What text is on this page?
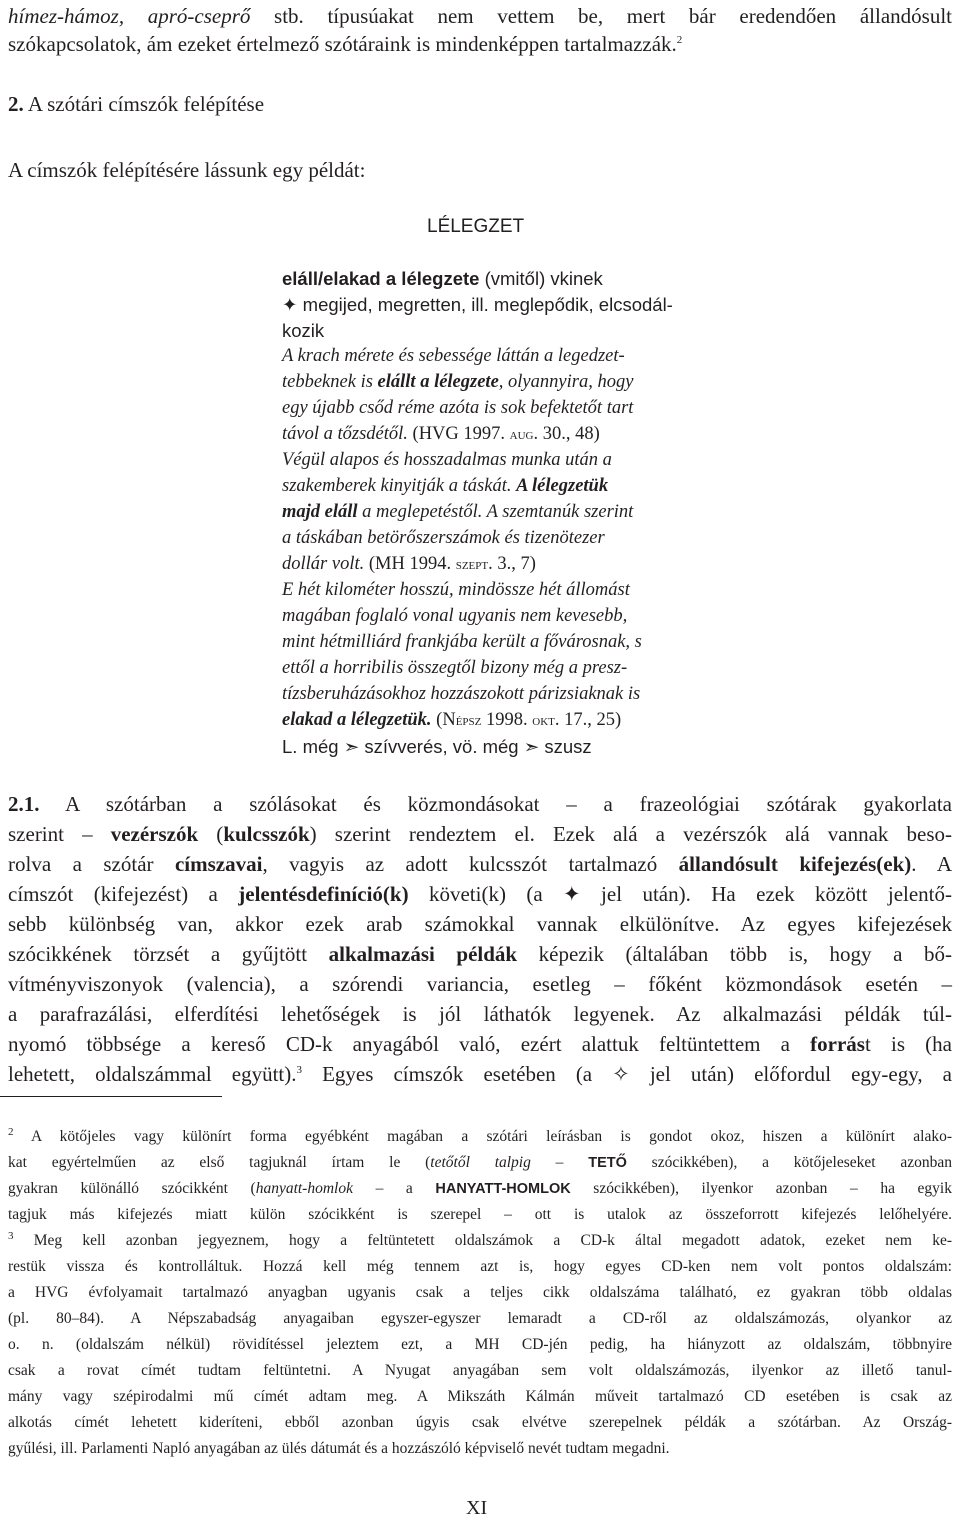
hímez-hámoz, apró-cseprő stb. típusúakat nem vettem be, mert bár eredendően állandósult
szókapcsolatok, ám ezeket értelmező szótáraink is mindenképpen tartalmazzák.$^2$
2. A szótári címszók felépítése
A címszók felépítésére lássunk egy példát:
LÉLEGZET
eláll/elakad a lélegzete (vmitől) vkinek
✦ megijed, megretten, ill. meglepődik, elcsodál-
kozik
A krach mérete és sebessége láttán a legedzet-
tebbeknek is elállt a lélegzete, olyannyira, hogy
egy újabb csőd réme azóta is sok befektetőt tart
távol a tőzsdétől. (HVG 1997. aug. 30., 48)
Végül alapos és hosszadalmas munka után a
szakemberek kinyitják a táskát. A lélegzetük
majd eláll a meglepetéstől. A szemtanúk szerint
a táskában betörőszerszámok és tizenötezer
dollár volt. (MH 1994. szept. 3., 7)
E hét kilométer hosszú, mindössze hét állomást
magában foglaló vonal ugyanis nem kevesebb,
mint hétmilliárd frankjába került a fővárosnak, s
ettől a horribilis összegtől bizony még a presz-
tízsberuházásokhoz hozzászokott párizsiaknak is
elakad a lélegzetük. (Népsz 1998. okt. 17., 25)
L. még ➣ szívverés, vö. még ➣ szusz
2.1. A szótárban a szólásokat és közmondásokat – a frazeológiai szótárak gyakorlata
szerint – vezérszók (kulcsszók) szerint rendeztem el. Ezek alá a vezérszók alá vannak beso-
rolva a szótár címszavai, vagyis az adott kulcsszót tartalmazó állandósult kifejezés(ek). A
címszót (kifejezést) a jelentésdefiníció(k) követi(k) (a ✦ jel után). Ha ezek között jelentő-
sebb különbség van, akkor ezek arab számokkal vannak elkülönítve. Az egyes kifejezések
szócikkének törzsét a gyűjtött alkalmazási példák képezik (általában több is, hogy a bő-
vítményviszonyok (valencia), a szórendi variancia, esetleg – főként közmondások esetén –
a parafrazálási, elferdítési lehetőségek is jól láthatók legyenek. Az alkalmazási példák túl-
nyomó többsége a kereső CD-k anyagából való, ezért alattuk feltüntettem a forrást is (ha
lehetett, oldalszámmal együtt).$^3$ Egyes címszók esetében (a ✧ jel után) előfordul egy-egy, a
$^2$ A kötőjeles vagy különírt forma egyébként magában a szótári leírásban is gondot okoz, hiszen a különírt alako-
kat egyértelműen az első tagjuknál írtam le (tetőtől talpig – TETŐ szócikkében), a kötőjeleseket azonban
gyakran különálló szócikként (hanyatt-homlok – a HANYATT-HOMLOK szócikkében), ilyenkor azonban – ha egyik
tagjuk más kifejezés miatt külön szócikként is szerepel – ott is utalok az összeforrott kifejezés lelőhelyére.
$^3$ Meg kell azonban jegyeznem, hogy a feltüntetett oldalszámok a CD-k által megadott adatok, ezeket nem ke-
restük vissza és kontrolláltuk. Hozzá kell még tennem azt is, hogy egyes CD-ken nem volt pontos oldalszám:
a HVG évfolyamait tartalmazó anyagban ugyanis csak a teljes cikk oldalszáma található, ez gyakran több oldalas
(pl. 80–84). A Népszabadság anyagaiban egyszer-egyszer lemaradt a CD-ről az oldalszámozás, olyankor az
o. n. (oldalszám nélkül) rövidítéssel jeleztem ezt, a MH CD-jén pedig, ha hiányzott az oldalszám, többnyire
csak a rovat címét tudtam feltüntetni. A Nyugat anyagában sem volt oldalszámozás, ilyenkor az illető tanul-
mány vagy szépirodalmi mű címét adtam meg. A Mikszáth Kálmán műveit tartalmazó CD esetében is csak az
alkotás címét lehetett kideríteni, ebből azonban úgyis csak elvétve szerepelnek példák a szótárban. Az Ország-
gyűlési, ill. Parlamenti Napló anyagában az ülés dátumát és a hozzászóló képviselő nevét tudtam megadni.
XI
